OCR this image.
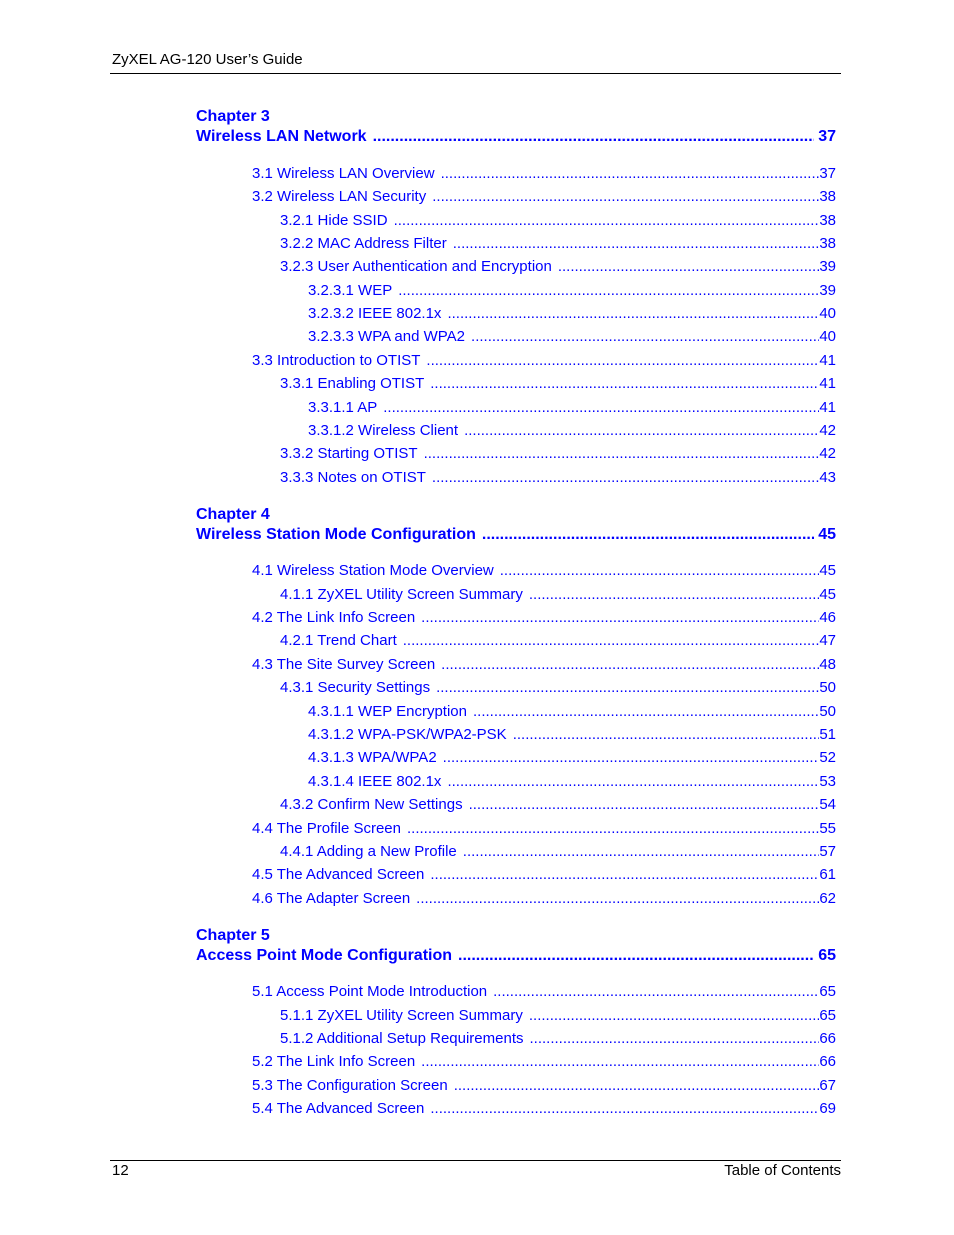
ZyXEL AG-120 User’s Guide
Chapter 3
Wireless LAN Network .....	37
3.1 Wireless LAN Overview .....	37
3.2 Wireless LAN Security .....	38
3.2.1 Hide SSID .....	38
3.2.2 MAC Address Filter .....	38
3.2.3 User Authentication and Encryption .....	39
3.2.3.1 WEP .....	39
3.2.3.2 IEEE 802.1x .....	40
3.2.3.3 WPA and WPA2 .....	40
3.3 Introduction to OTIST .....	41
3.3.1 Enabling OTIST .....	41
3.3.1.1 AP .....	41
3.3.1.2 Wireless Client .....	42
3.3.2 Starting OTIST .....	42
3.3.3 Notes on OTIST .....	43
Chapter 4
Wireless Station Mode Configuration .....	45
4.1 Wireless Station Mode Overview .....	45
4.1.1 ZyXEL Utility Screen Summary .....	45
4.2 The Link Info Screen .....	46
4.2.1 Trend Chart .....	47
4.3 The Site Survey Screen .....	48
4.3.1 Security Settings .....	50
4.3.1.1 WEP Encryption .....	50
4.3.1.2 WPA-PSK/WPA2-PSK .....	51
4.3.1.3 WPA/WPA2 .....	52
4.3.1.4 IEEE 802.1x .....	53
4.3.2 Confirm New Settings .....	54
4.4 The Profile Screen .....	55
4.4.1 Adding a New Profile .....	57
4.5 The Advanced Screen .....	61
4.6 The Adapter Screen .....	62
Chapter 5
Access Point Mode Configuration .....	65
5.1 Access Point Mode Introduction .....	65
5.1.1 ZyXEL Utility Screen Summary .....	65
5.1.2 Additional Setup Requirements .....	66
5.2 The Link Info Screen .....	66
5.3 The Configuration Screen .....	67
5.4 The Advanced Screen .....	69
12	Table of Contents
